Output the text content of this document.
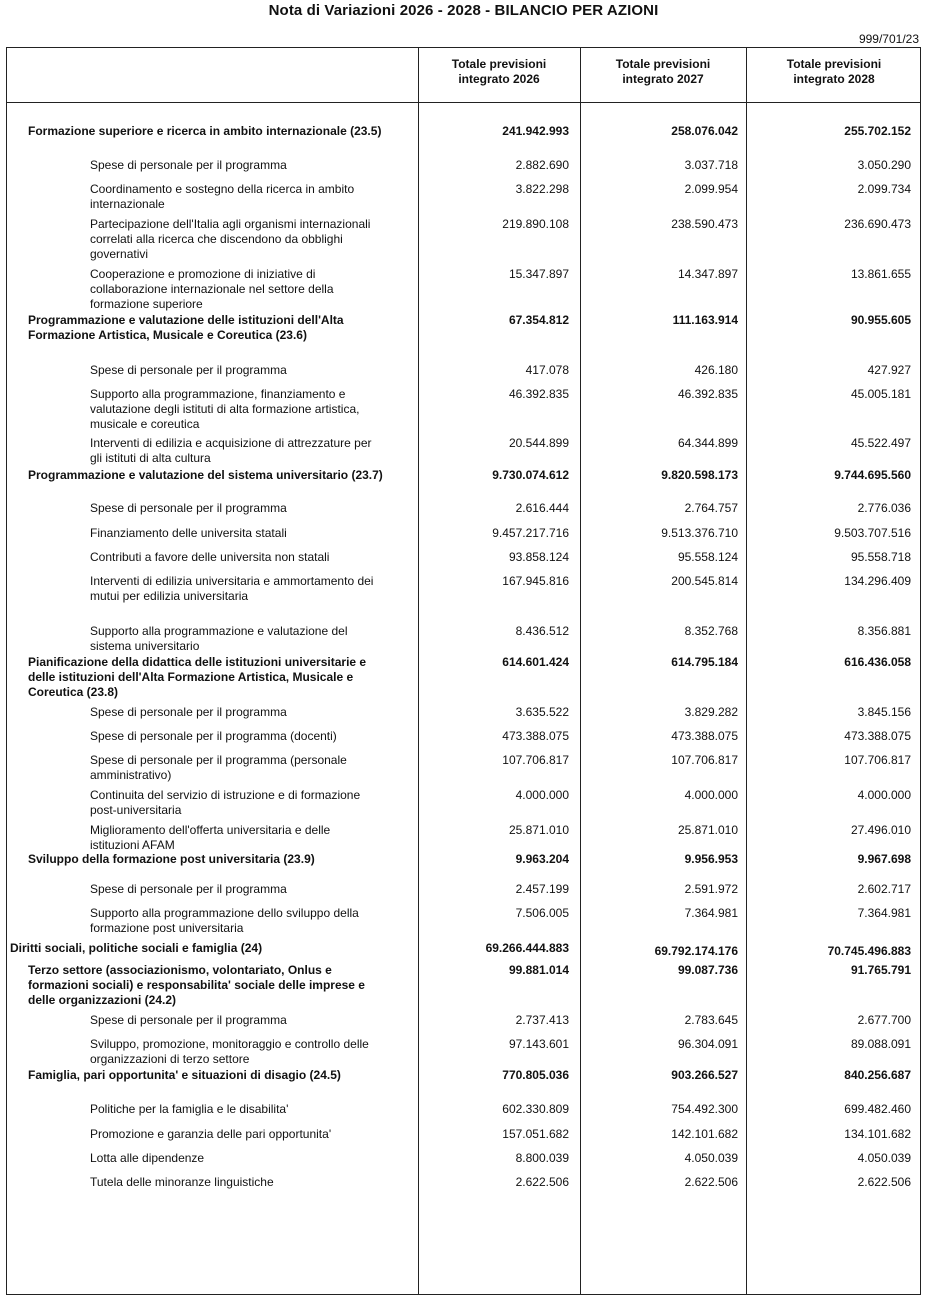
Nota di Variazioni 2026 - 2028 - BILANCIO PER AZIONI
999/701/23
Totale previsioni
integrato 2026
Totale previsioni
integrato 2027
Totale previsioni
integrato 2028
Formazione superiore e ricerca in ambito internazionale (23.5)	241.942.993	258.076.042	255.702.152
Spese di personale per il programma	2.882.690	3.037.718	3.050.290
Coordinamento e sostegno della ricerca in ambito internazionale
3.822.298	2.099.954	2.099.734
Partecipazione dell'Italia agli organismi internazionali correlati alla ricerca che discendono da obblighi governativi
219.890.108	238.590.473	236.690.473
Cooperazione e promozione di iniziative di collaborazione internazionale nel settore della formazione superiore
15.347.897	14.347.897	13.861.655
Programmazione e valutazione delle istituzioni dell'Alta Formazione Artistica, Musicale e Coreutica (23.6)
67.354.812	111.163.914	90.955.605
Spese di personale per il programma	417.078	426.180	427.927
Supporto alla programmazione, finanziamento e valutazione degli istituti di alta formazione artistica, musicale e coreutica
46.392.835	46.392.835	45.005.181
Interventi di edilizia e acquisizione di attrezzature per gli istituti di alta cultura
20.544.899	64.344.899	45.522.497
Programmazione e valutazione del sistema universitario (23.7)	9.730.074.612	9.820.598.173	9.744.695.560
Spese di personale per il programma	2.616.444	2.764.757	2.776.036
Finanziamento delle universita statali	9.457.217.716	9.513.376.710	9.503.707.516
Contributi a favore delle universita non statali	93.858.124	95.558.124	95.558.718
Interventi di edilizia universitaria e ammortamento dei mutui per edilizia universitaria
167.945.816	200.545.814	134.296.409
Supporto alla programmazione e valutazione del sistema universitario
8.436.512	8.352.768	8.356.881
Pianificazione della didattica delle istituzioni universitarie e delle istituzioni dell'Alta Formazione Artistica, Musicale e Coreutica (23.8)
614.601.424	614.795.184	616.436.058
Spese di personale per il programma	3.635.522	3.829.282	3.845.156
Spese di personale per il programma (docenti)	473.388.075	473.388.075	473.388.075
Spese di personale per il programma (personale amministrativo)
107.706.817	107.706.817	107.706.817
Continuita del servizio di istruzione e di formazione post-universitaria
4.000.000	4.000.000	4.000.000
Miglioramento dell'offerta universitaria e delle istituzioni AFAM
25.871.010	25.871.010	27.496.010
Sviluppo della formazione post universitaria (23.9)	9.963.204	9.956.953	9.967.698
Spese di personale per il programma	2.457.199	2.591.972	2.602.717
Supporto alla programmazione dello sviluppo della formazione post universitaria
7.506.005	7.364.981	7.364.981
Diritti sociali, politiche sociali e famiglia (24)	69.266.444.883	69.792.174.176	70.745.496.883
Terzo settore (associazionismo, volontariato, Onlus e formazioni sociali) e responsabilita' sociale delle imprese e delle organizzazioni (24.2)
99.881.014	99.087.736	91.765.791
Spese di personale per il programma	2.737.413	2.783.645	2.677.700
Sviluppo, promozione, monitoraggio e controllo delle organizzazioni di terzo settore
97.143.601	96.304.091	89.088.091
Famiglia, pari opportunita' e situazioni di disagio (24.5)	770.805.036	903.266.527	840.256.687
Politiche per la famiglia e le disabilita'	602.330.809	754.492.300	699.482.460
Promozione e garanzia delle pari opportunita'	157.051.682	142.101.682	134.101.682
Lotta alle dipendenze	8.800.039	4.050.039	4.050.039
Tutela delle minoranze linguistiche	2.622.506	2.622.506	2.622.506
